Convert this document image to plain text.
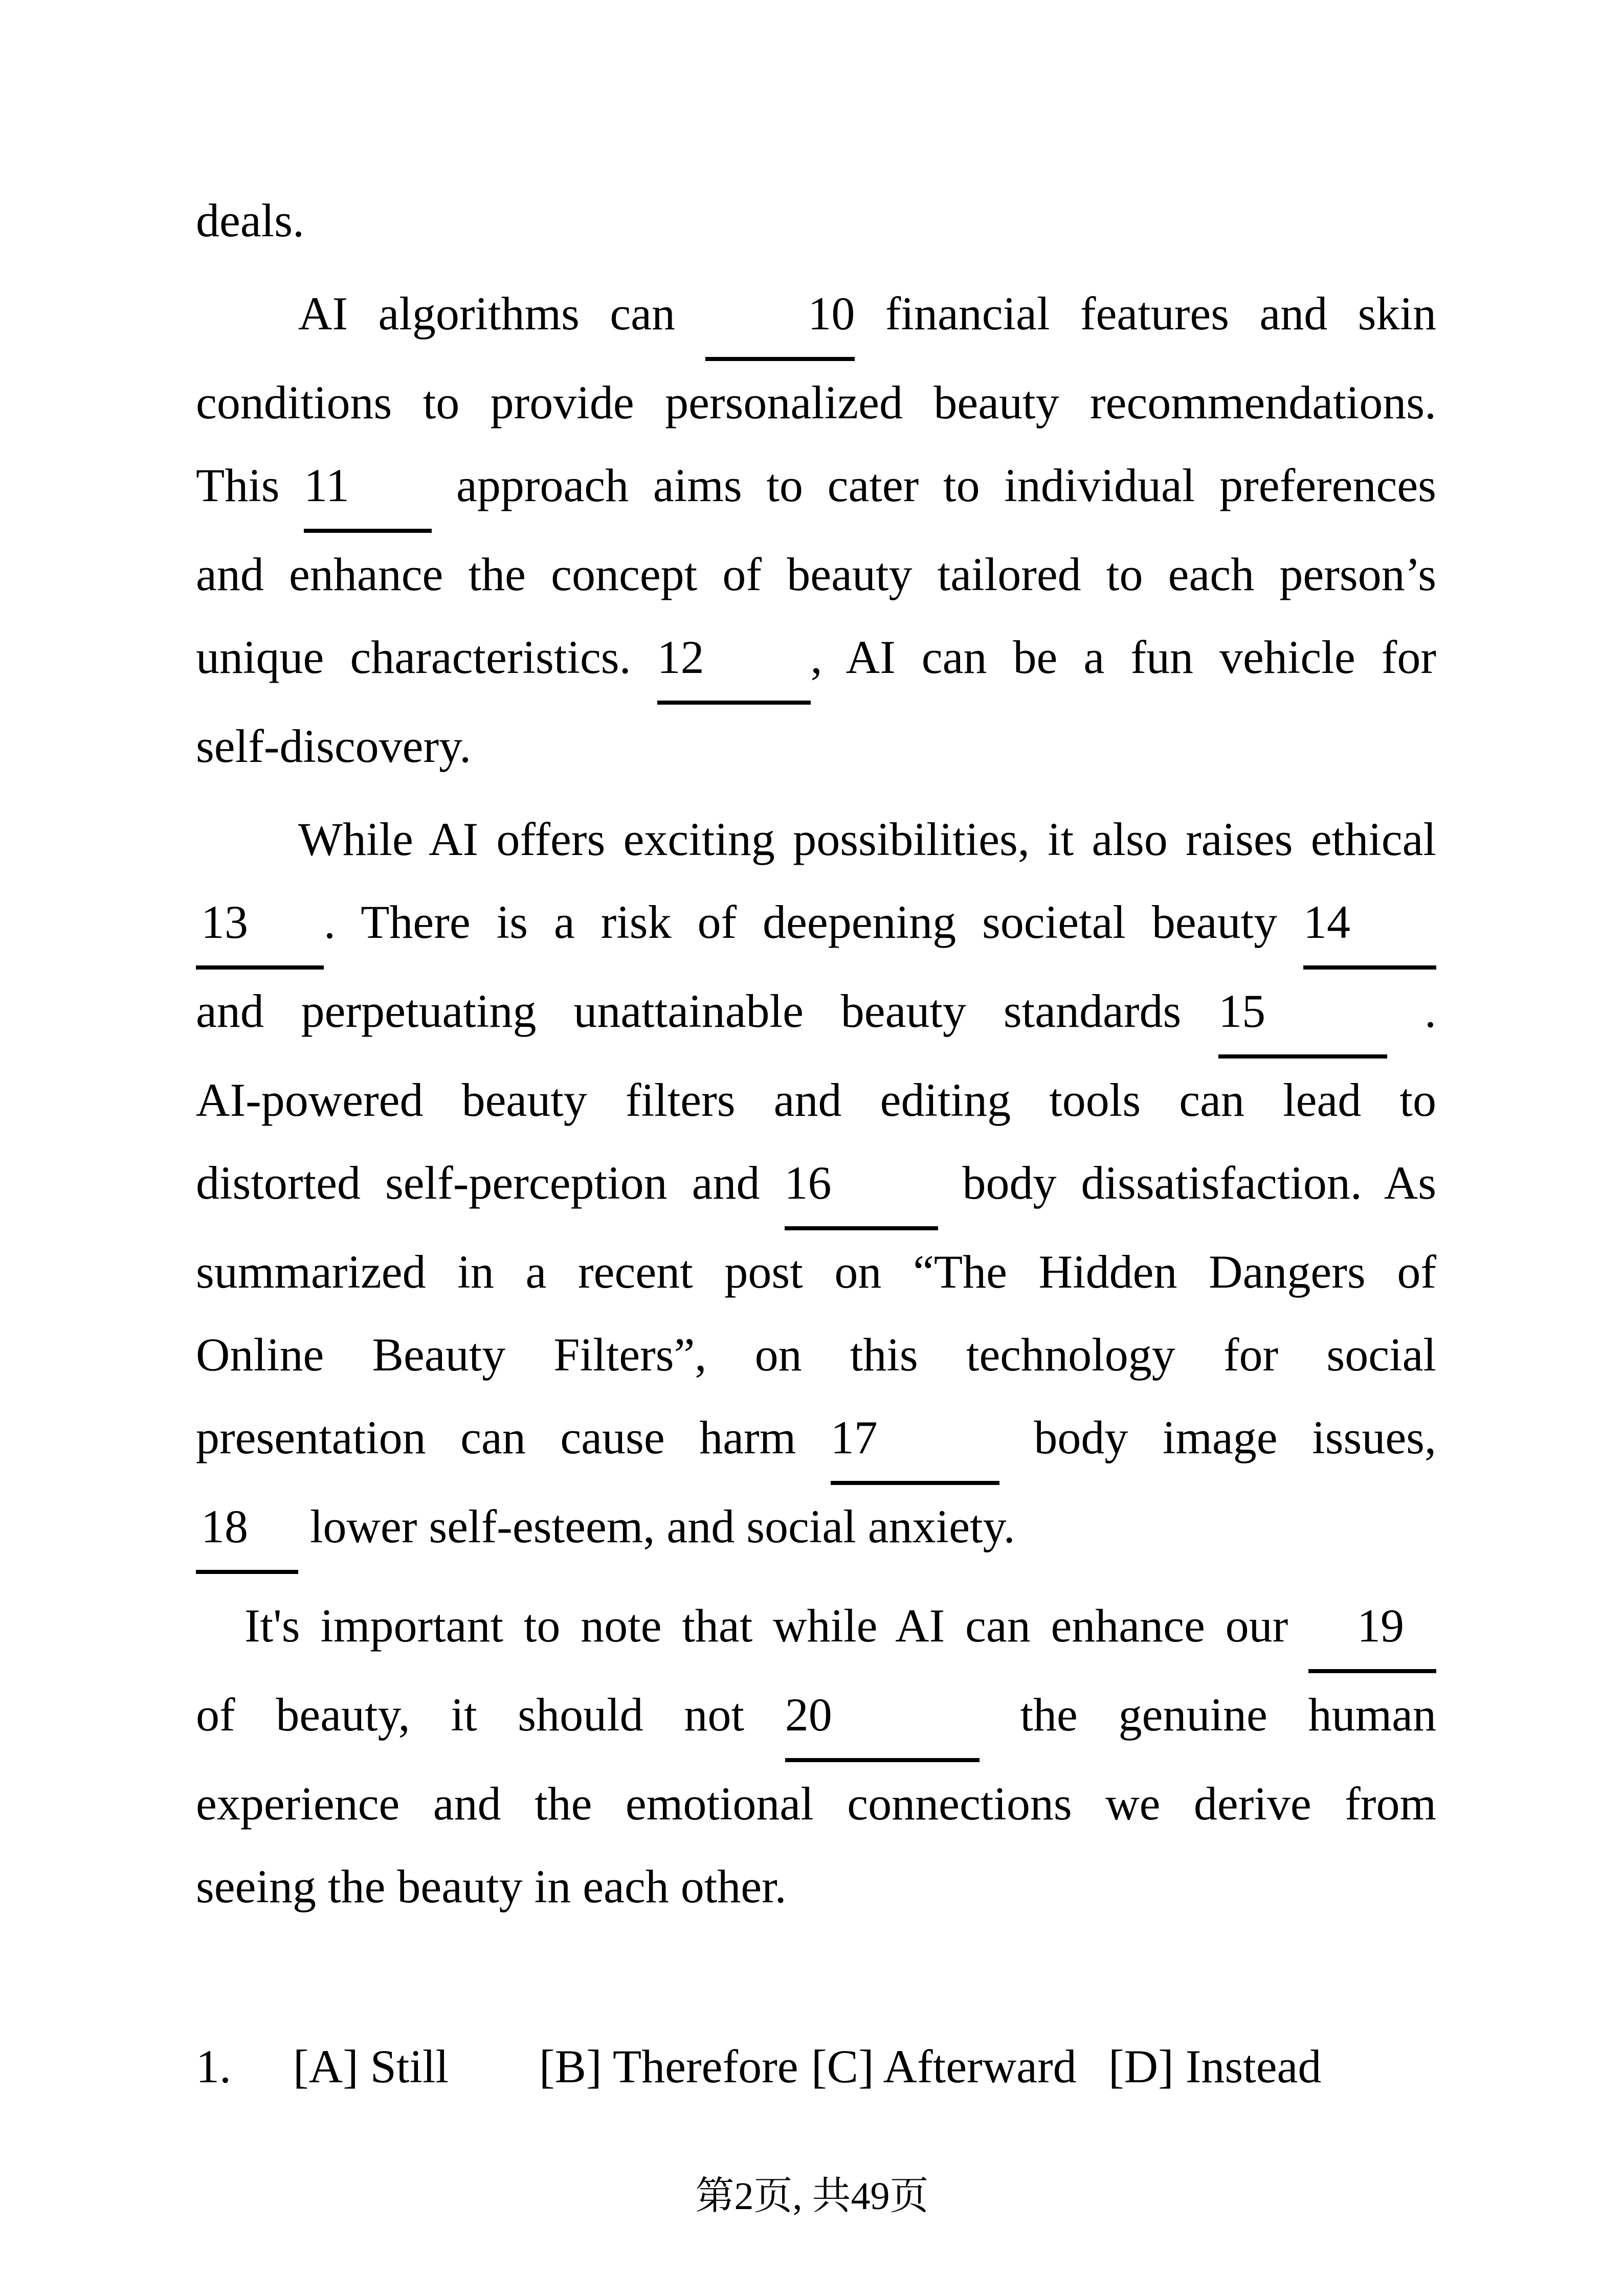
deals.
AI algorithms can 10 financial features and skin
conditions to provide personalized beauty recommendations.
This 11 approach aims to cater to individual preferences
and enhance the concept of beauty tailored to each person’s
unique characteristics. 12 , AI can be a fun vehicle for
self-discovery.
While AI offers exciting possibilities, it also raises ethical
13 . There is a risk of deepening societal beauty 14
and perpetuating unattainable beauty standards 15	.
AI-powered beauty filters and editing tools can lead to
distorted self-perception and 16 body dissatisfaction. As
summarized in a recent post on “The Hidden Dangers of
Online Beauty Filters”, on this technology for social
presentation can cause harm 17	body image issues,
18 lower self-esteem, and social anxiety.
It's important to note that while AI can enhance our 19
of beauty, it should not 20	the genuine human
experience and the emotional connections we derive from
seeing the beauty in each other.
1. [A] Still [B] Therefore [C] Afterward [D] Instead
第2页, 共49页
